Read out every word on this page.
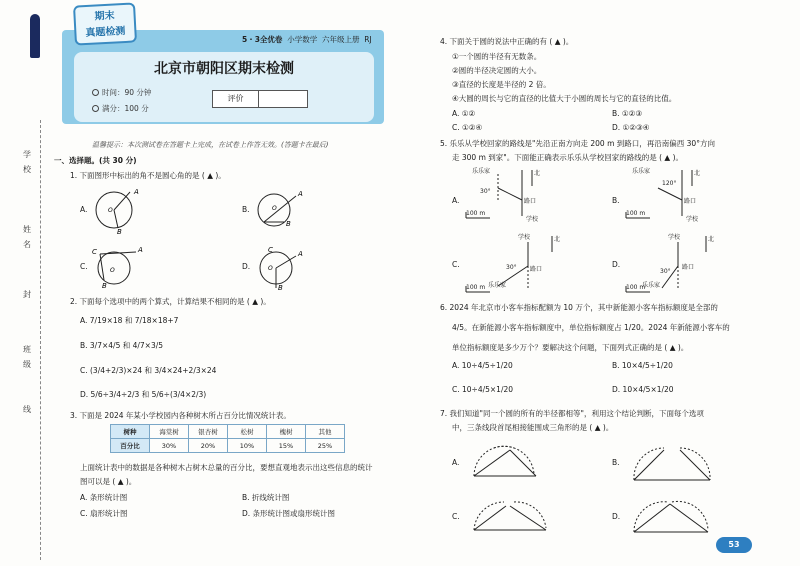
学
校
姓
名
封
班
级
线
期末
真题检测
5・3全优卷 小学数学 六年级上册 RJ
北京市朝阳区期末检测
时间：90 分钟
满分：100 分
评价
温馨提示：本次测试卷在答题卡上完成，在试卷上作答无效。(答题卡在最后)
一、选择题。(共 30 分)
1. 下面图形中标出的角不是圆心角的是 ( ▲ )。
A.	B.
C.	D.
A
B
O
A
B
O
C	A
B
O
C	A
B
O
2. 下面每个选项中的两个算式，计算结果不相同的是 ( ▲ )。
A. 7/19×18 和 7/18×18+7
B. 3/7×4/5 和 4/7×3/5
C. (3/4+2/3)×24 和 3/4×24+2/3×24
D. 5/6÷3/4÷2/3 和 5/6÷(3/4×2/3)
3. 下面是 2024 年某小学校园内各种树木所占百分比情况统计表。
树种	海棠树	银杏树	松树	槐树	其他
百分比	30%	20%	10%	15%	25%
上面统计表中的数据是各种树木占树木总量的百分比，要想直观地表示出这些信息的统计
图可以是 ( ▲ )。
A. 条形统计图	B. 折线统计图
C. 扇形统计图	D. 条形统计图或扇形统计图
4. 下面关于圆的说法中正确的有 ( ▲ )。
①一个圆的半径有无数条。
②圆的半径决定圆的大小。
③直径的长度是半径的 2 倍。
④大圆的周长与它的直径的比值大于小圆的周长与它的直径的比值。
A. ①②	B. ①②③
C. ①②④	D. ①②③④
5. 乐乐从学校回家的路线是"先沿正南方向走 200 m 到路口，再沿南偏西 30°方向
走 300 m 到家"。下面能正确表示乐乐从学校回家的路线的是 ( ▲ )。
A.	B.
C.	D.
乐乐家	北
30°
路口
学校
100 m
乐乐家	北
120°
路口
学校
100 m
学校	北
30° 路口
乐乐家
100 m
学校	北
30°
路口
乐乐家
100 m
6. 2024 年北京市小客车指标配额为 10 万个，其中新能源小客车指标额度是全部的
4/5。在新能源小客车指标额度中，单位指标额度占 1/20。2024 年新能源小客车的
单位指标额度是多少万个？要解决这个问题，下面列式正确的是 ( ▲ )。
A. 10÷4/5÷1/20	B. 10×4/5÷1/20
C. 10÷4/5×1/20	D. 10×4/5×1/20
7. 我们知道"同一个圆的所有的半径都相等"，利用这个结论判断，下面每个选项
中，三条线段首尾相接能围成三角形的是 ( ▲ )。
A.	B.
C.	D.
53
